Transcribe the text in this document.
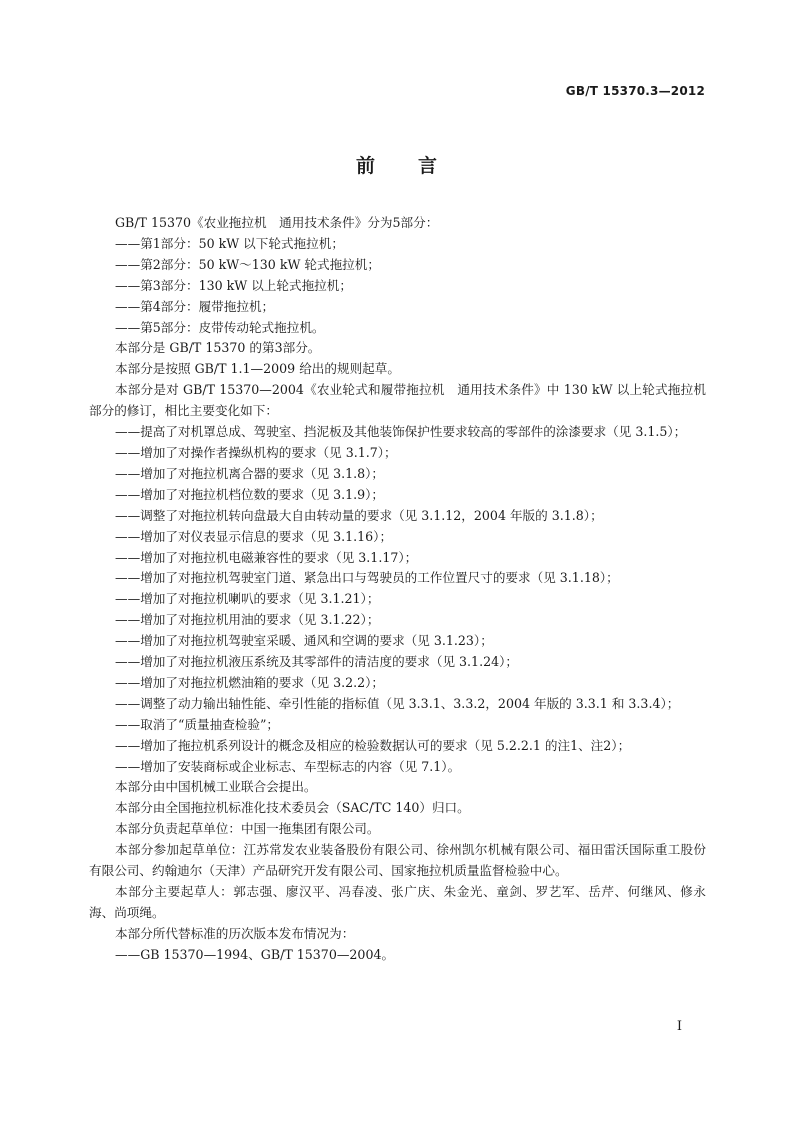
GB/T 15370.3—2012
前 言

GB/T 15370《农业拖拉机　通用技术条件》分为5部分：

——第1部分：50 kW 以下轮式拖拉机；

——第2部分：50 kW～130 kW 轮式拖拉机；

——第3部分：130 kW 以上轮式拖拉机；

——第4部分：履带拖拉机；

——第5部分：皮带传动轮式拖拉机。

本部分是 GB/T 15370 的第3部分。

本部分是按照 GB/T 1.1—2009 给出的规则起草。

本部分是对 GB/T 15370—2004《农业轮式和履带拖拉机　通用技术条件》中 130 kW 以上轮式拖拉机部分的修订，相比主要变化如下：

——提高了对机罩总成、驾驶室、挡泥板及其他装饰保护性要求较高的零部件的涂漆要求（见 3.1.5）；

——增加了对操作者操纵机构的要求（见 3.1.7）；

——增加了对拖拉机离合器的要求（见 3.1.8）；

——增加了对拖拉机档位数的要求（见 3.1.9）；

——调整了对拖拉机转向盘最大自由转动量的要求（见 3.1.12，2004 年版的 3.1.8）；

——增加了对仪表显示信息的要求（见 3.1.16）；

——增加了对拖拉机电磁兼容性的要求（见 3.1.17）；

——增加了对拖拉机驾驶室门道、紧急出口与驾驶员的工作位置尺寸的要求（见 3.1.18）；

——增加了对拖拉机喇叭的要求（见 3.1.21）；

——增加了对拖拉机用油的要求（见 3.1.22）；

——增加了对拖拉机驾驶室采暖、通风和空调的要求（见 3.1.23）；

——增加了对拖拉机液压系统及其零部件的清洁度的要求（见 3.1.24）；

——增加了对拖拉机燃油箱的要求（见 3.2.2）；

——调整了动力输出轴性能、牵引性能的指标值（见 3.3.1、3.3.2，2004 年版的 3.3.1 和 3.3.4）；

——取消了“质量抽查检验”；

——增加了拖拉机系列设计的概念及相应的检验数据认可的要求（见 5.2.2.1 的注1、注2）；

——增加了安装商标或企业标志、车型标志的内容（见 7.1）。

本部分由中国机械工业联合会提出。

本部分由全国拖拉机标准化技术委员会（SAC/TC 140）归口。

本部分负责起草单位：中国一拖集团有限公司。

本部分参加起草单位：江苏常发农业装备股份有限公司、徐州凯尔机械有限公司、福田雷沃国际重工股份有限公司、约翰迪尔（天津）产品研究开发有限公司、国家拖拉机质量监督检验中心。

本部分主要起草人：郭志强、廖汉平、冯春凌、张广庆、朱金光、童剑、罗艺军、岳芹、何继风、修永海、尚项绳。

本部分所代替标准的历次版本发布情况为：

——GB 15370—1994、GB/T 15370—2004。

I
